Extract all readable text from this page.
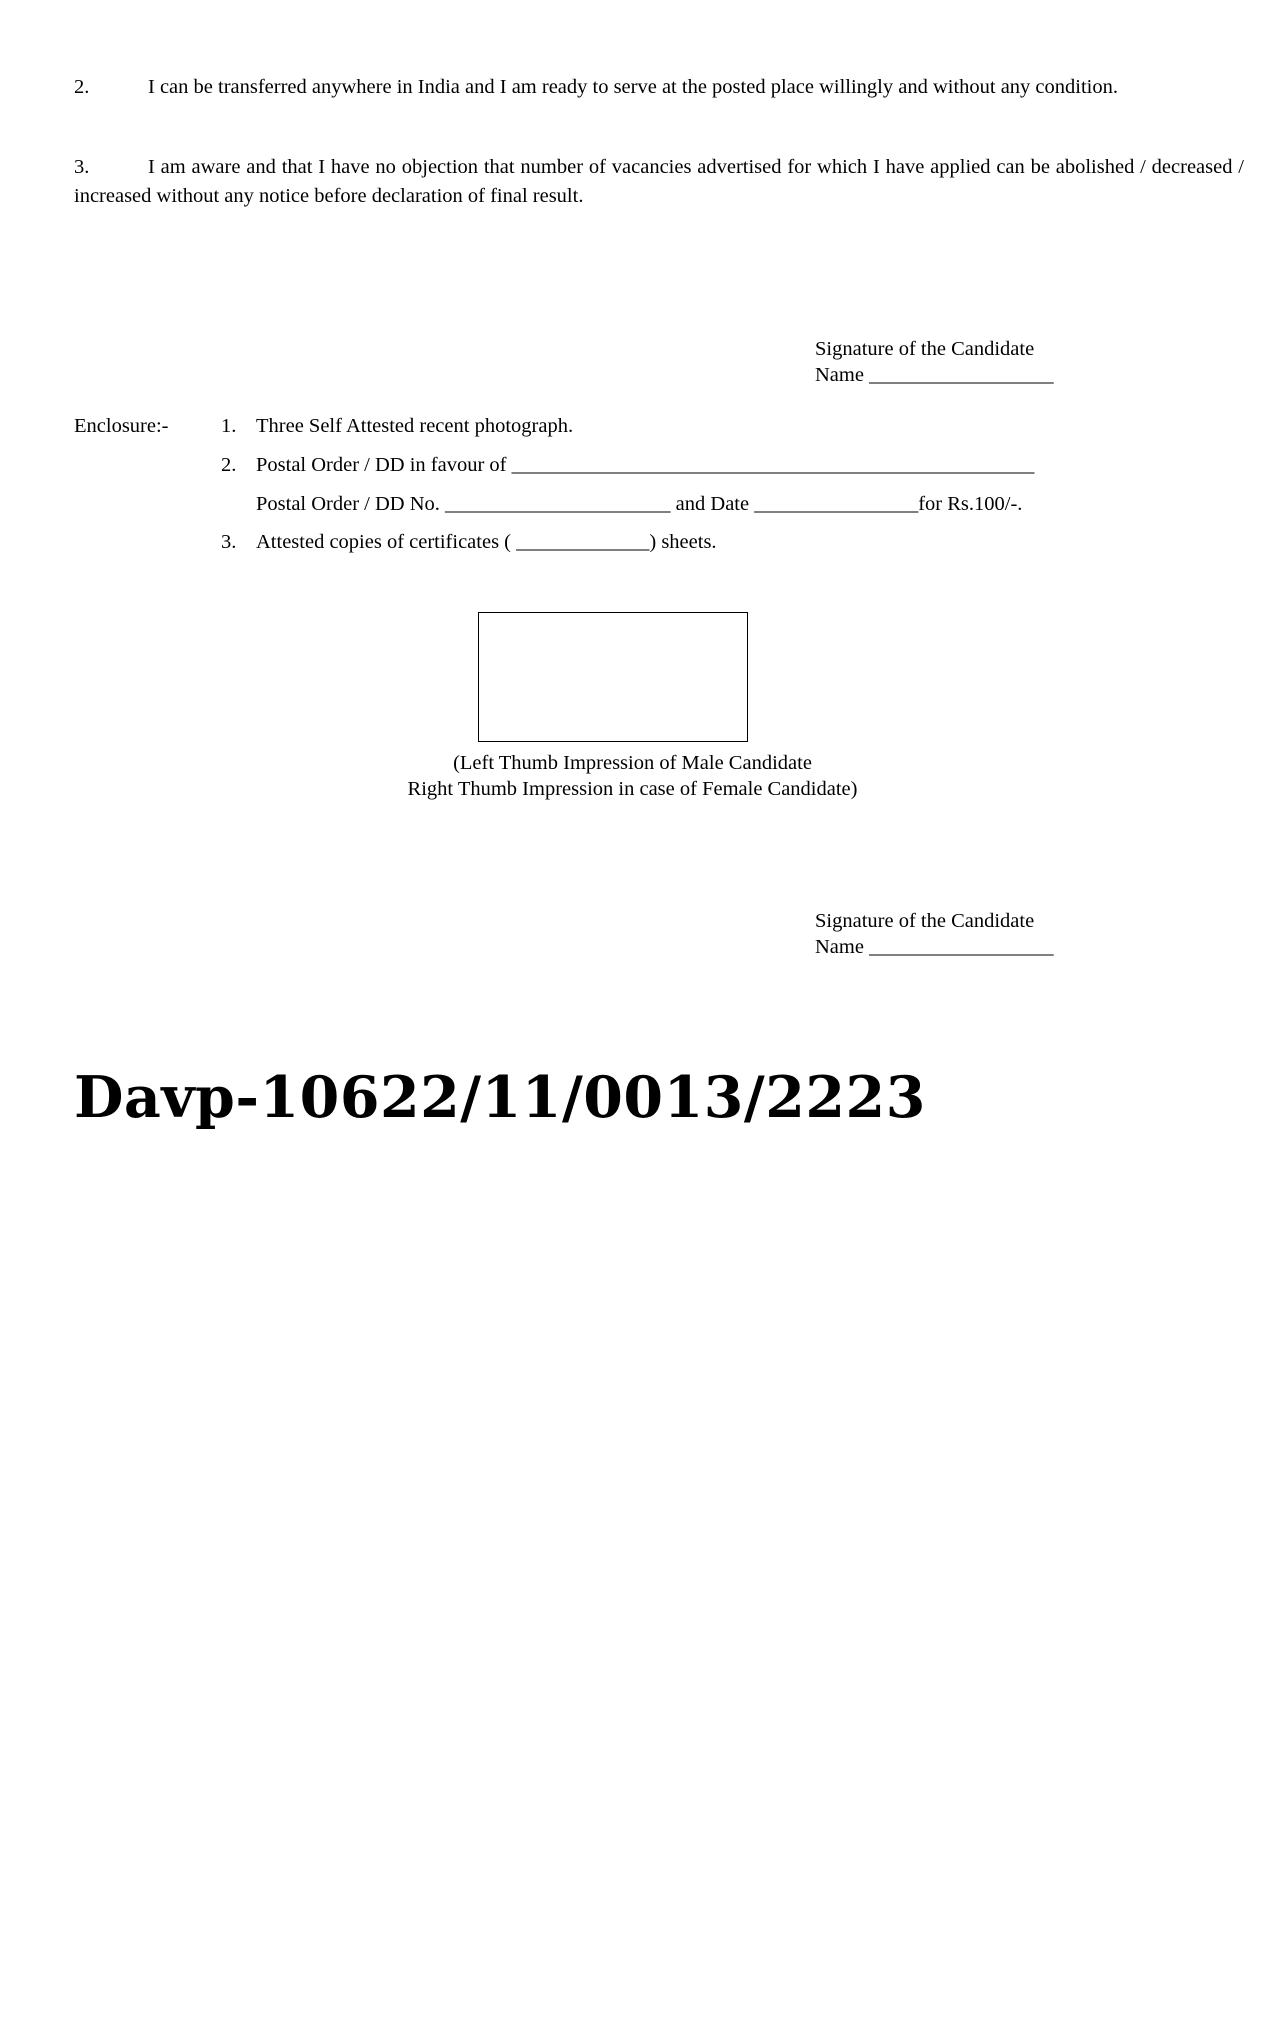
2.	I can be transferred anywhere in India and I am ready to serve at the posted place willingly and without any condition.
3.	I am aware and that I have no objection that number of vacancies advertised for which I have applied can be abolished / decreased / increased without any notice before declaration of final result.
Signature of the Candidate
Name __________________
Enclosure:-	1. Three Self Attested recent photograph.
2. Postal Order / DD in favour of ___________________________________________________
Postal Order / DD No. ______________________ and Date ________________for Rs.100/-.
3. Attested copies of certificates ( _____________) sheets.
(Left Thumb Impression of Male Candidate
Right Thumb Impression in case of Female Candidate)
Signature of the Candidate
Name __________________
Davp-10622/11/0013/2223
